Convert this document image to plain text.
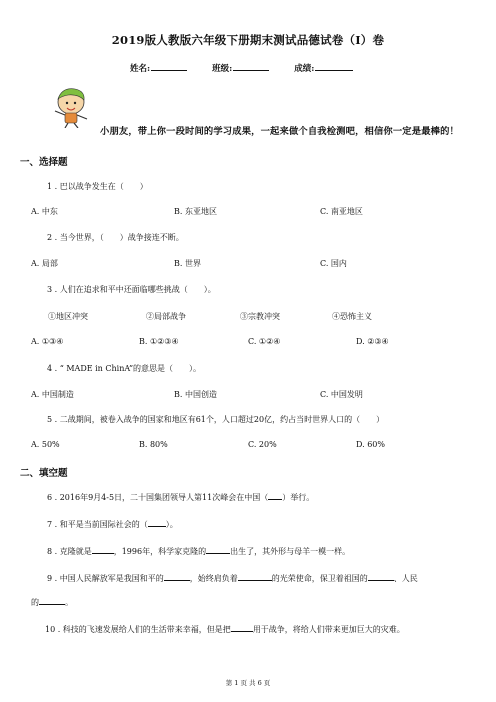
2019版人教版六年级下册期末测试品德试卷（I）卷
姓名:	班级:	成绩:
小朋友，带上你一段时间的学习成果，一起来做个自我检测吧，相信你一定是最棒的！
一、选择题
1 . 巴以战争发生在（　　）
A. 中东	B. 东亚地区	C. 南亚地区
2 . 当今世界，（　　）战争接连不断。
A. 局部	B. 世界	C. 国内
3 . 人们在追求和平中还面临哪些挑战（　　）。
①地区冲突	②局部战争	③宗教冲突	④恐怖主义
A. ①③④	B. ①②③④	C. ①②④	D. ②③④
4 . “ MADE in ChinA”的意思是（　　）。
A. 中国制造	B. 中国创造	C. 中国发明
5 . 二战期间，被卷入战争的国家和地区有61个，人口超过20亿，约占当时世界人口的（　　）
A. 50%	B. 80%	C. 20%	D. 60%
二、填空题
6 . 2016年9月4-5日，二十国集团领导人第11次峰会在中国（ ）举行。
7 . 和平是当前国际社会的（ ）。
8 . 克隆就是	，1996年，科学家克隆的	出生了，其外形与母羊一模一样。
9 . 中国人民解放军是我国和平的	，始终肩负着	的光荣使命，保卫着祖国的	、人民
的	。
10 . 科技的飞速发展给人们的生活带来幸福，但是把	用于战争，将给人们带来更加巨大的灾难。
第 1 页 共 6 页
